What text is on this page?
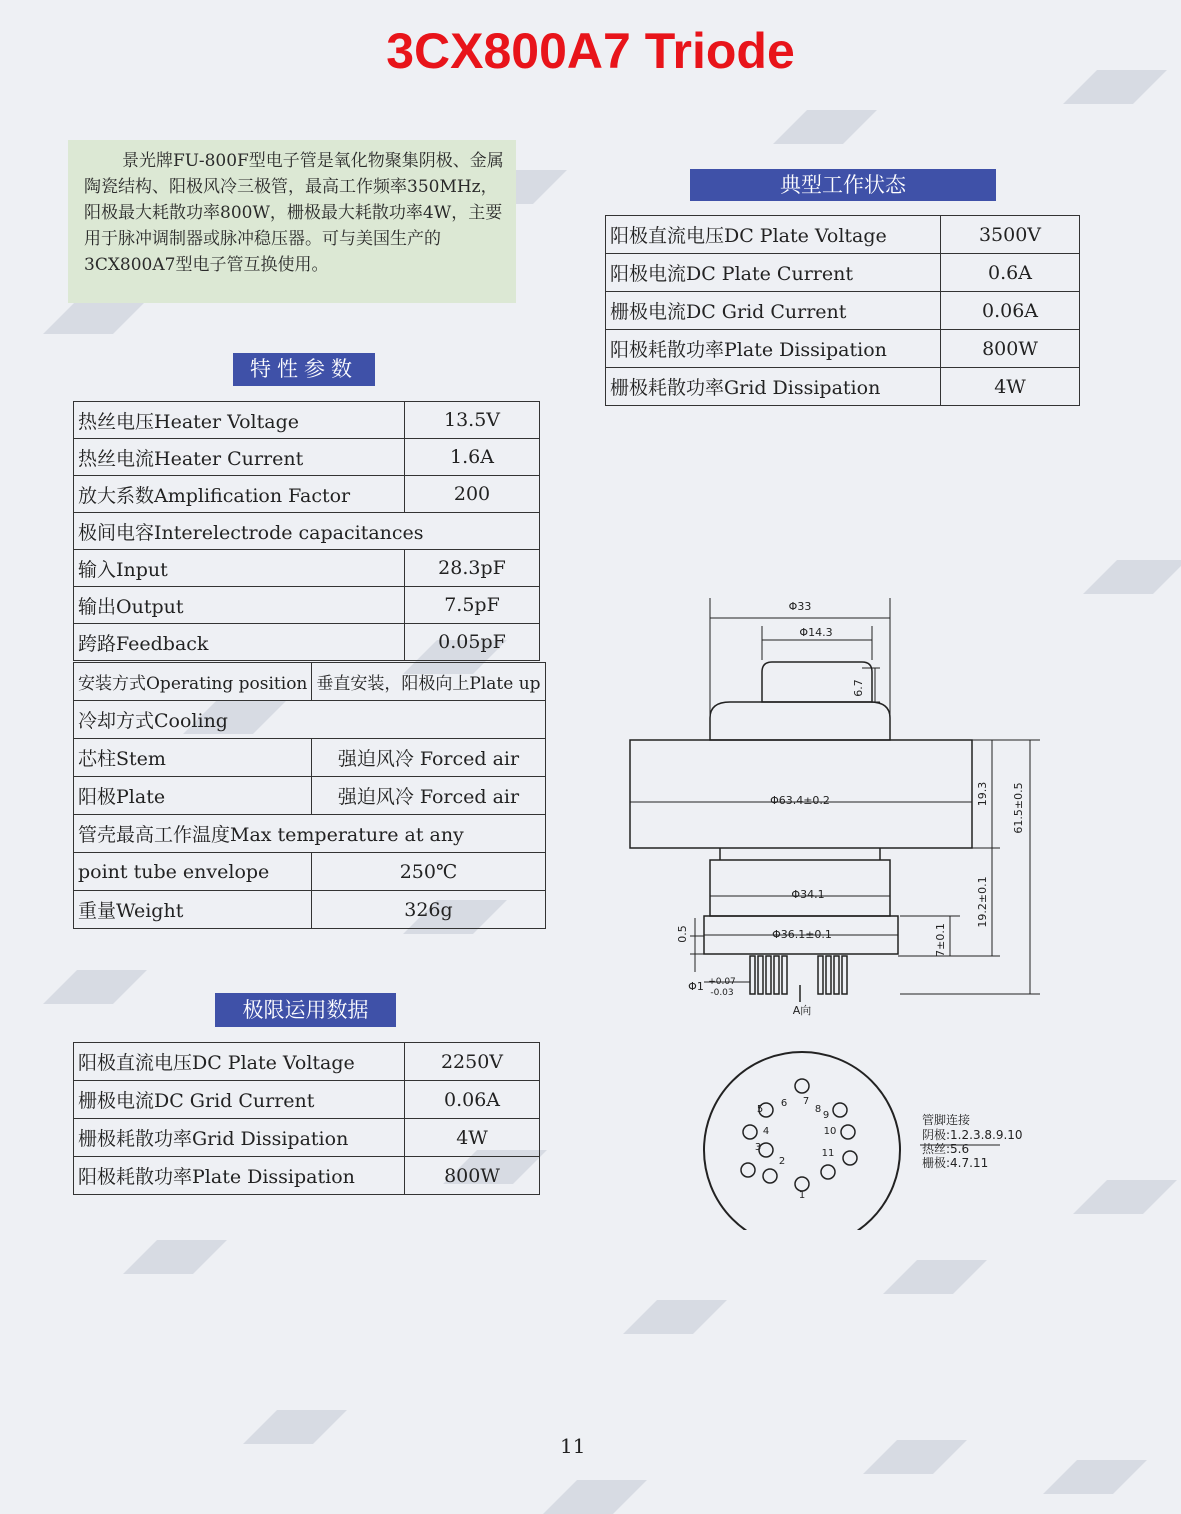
3CX800A7 Triode

景光牌FU-800F型电子管是氧化物聚集阴极、金属陶瓷结构、阳极风冷三极管，最高工作频率350MHz，阳极最大耗散功率800W，栅极最大耗散功率4W，主要用于脉冲调制器或脉冲稳压器。可与美国生产的3CX800A7型电子管互换使用。

特性参数
热丝电压Heater Voltage	13.5V
热丝电流Heater Current	1.6A
放大系数Amplification Factor	200
极间电容Interelectrode capacitances	
输入Input	28.3pF
输出Output	7.5pF
跨路Feedback	0.05pF
安装方式Operating position	垂直安装，阳极向上Plate up
冷却方式Cooling	
芯柱Stem	强迫风冷 Forced air
阳极Plate	强迫风冷 Forced air
管壳最高工作温度Max temperature at any	
point tube envelope	250℃
重量Weight	326g
典型工作状态
阳极直流电压DC Plate Voltage	3500V
阳极电流DC Plate Current	0.6A
栅极电流DC Grid Current	0.06A
阳极耗散功率Plate Dissipation	800W
栅极耗散功率Grid Dissipation	4W
极限运用数据
阳极直流电压DC Plate Voltage	2250V
栅极电流DC Grid Current	0.06A
栅极耗散功率Grid Dissipation	4W
阳极耗散功率Plate Dissipation	800W
Φ33
Φ14.3
6.7
Φ63.4±0.2	19.3 61.5±0.5
Φ34.1	19.2±0.1
Φ36.1±0.1	7±0.1
0.5
Φ1 +0.07
-0.03
A向
1
2
3
4
5
6 7
8
9
10
11
管脚连接
阴极:1.2.3.8.9.10
热丝:5.6
栅极:4.7.11
11
